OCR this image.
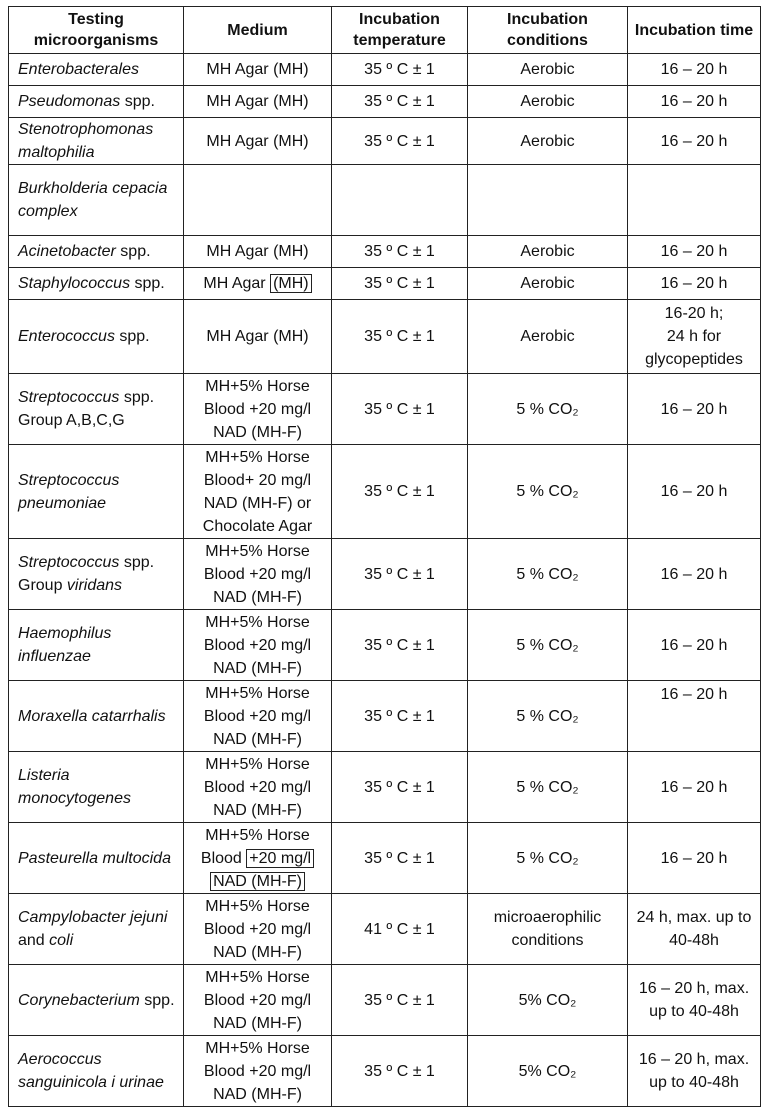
Testing microorganisms	Medium	Incubation temperature	Incubation conditions	Incubation time
Enterobacterales	MH Agar (MH)	35 º C ± 1	Aerobic	16 – 20 h
Pseudomonas spp.	MH Agar (MH)	35 º C ± 1	Aerobic	16 – 20 h
Stenotrophomonas maltophilia	MH Agar (MH)	35 º C ± 1	Aerobic	16 – 20 h
Burkholderia cepacia complex				
Acinetobacter spp.	MH Agar (MH)	35 º C ± 1	Aerobic	16 – 20 h
Staphylococcus spp.	MH Agar (MH)	35 º C ± 1	Aerobic	16 – 20 h
Enterococcus spp.	MH Agar (MH)	35 º C ± 1	Aerobic	16-20 h;
24 h for
glycopeptides

Streptococcus spp. Group A,B,C,G	MH+5% Horse
Blood +20 mg/l
NAD (MH-F)	35 º C ± 1	5 % CO₂	16 – 20 h
Streptococcus pneumoniae	MH+5% Horse
Blood+ 20 mg/l
NAD (MH-F) or
Chocolate Agar	35 º C ± 1	5 % CO₂	16 – 20 h
Streptococcus spp. Group viridans	MH+5% Horse
Blood +20 mg/l
NAD (MH-F)	35 º C ± 1	5 % CO₂	16 – 20 h
Haemophilus influenzae	MH+5% Horse
Blood +20 mg/l
NAD (MH-F)	35 º C ± 1	5 % CO₂	16 – 20 h
Moraxella catarrhalis	MH+5% Horse
Blood +20 mg/l
NAD (MH-F)	35 º C ± 1	5 % CO₂	16 – 20 h
Listeria monocytogenes	MH+5% Horse
Blood +20 mg/l
NAD (MH-F)	35 º C ± 1	5 % CO₂	16 – 20 h
Pasteurella multocida	MH+5% Horse
Blood +20 mg/l
NAD (MH-F)	35 º C ± 1	5 % CO₂	16 – 20 h
Campylobacter jejuni and coli	MH+5% Horse
Blood +20 mg/l
NAD (MH-F)	41 º C ± 1	microaerophilic conditions	24 h, max. up to
40-48h

Corynebacterium spp.	MH+5% Horse
Blood +20 mg/l
NAD (MH-F)	35 º C ± 1	5% CO₂	16 – 20 h, max.
up to 40-48h

Aerococcus sanguinicola i urinae	MH+5% Horse
Blood +20 mg/l
NAD (MH-F)	35 º C ± 1	5% CO₂	16 – 20 h, max.
up to 40-48h
